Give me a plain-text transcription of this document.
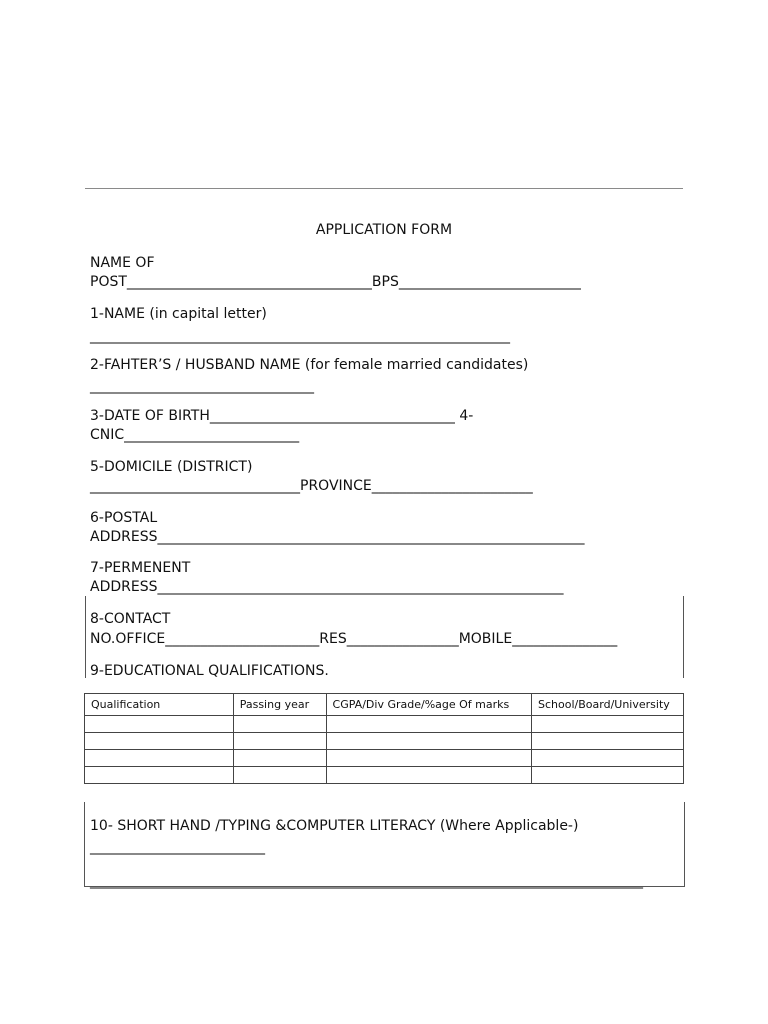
APPLICATION FORM
NAME OF
POST___________________________________BPS__________________________
1-NAME (in capital letter)
____________________________________________________________
2-FAHTER’S / HUSBAND NAME (for female married candidates)
________________________________
3-DATE OF BIRTH___________________________________ 4-
CNIC_________________________
5-DOMICILE (DISTRICT)
______________________________PROVINCE_______________________
6-POSTAL
ADDRESS_____________________________________________________________
7-PERMENENT
ADDRESS__________________________________________________________
8-CONTACT
NO.OFFICE______________________RES________________MOBILE_______________
9-EDUCATIONAL QUALIFICATIONS.
Qualification	Passing year	CGPA/Div Grade/%age Of marks	School/Board/University

10- SHORT HAND /TYPING &COMPUTER LITERACY (Where Applicable-)
_________________________
_______________________________________________________________________________
